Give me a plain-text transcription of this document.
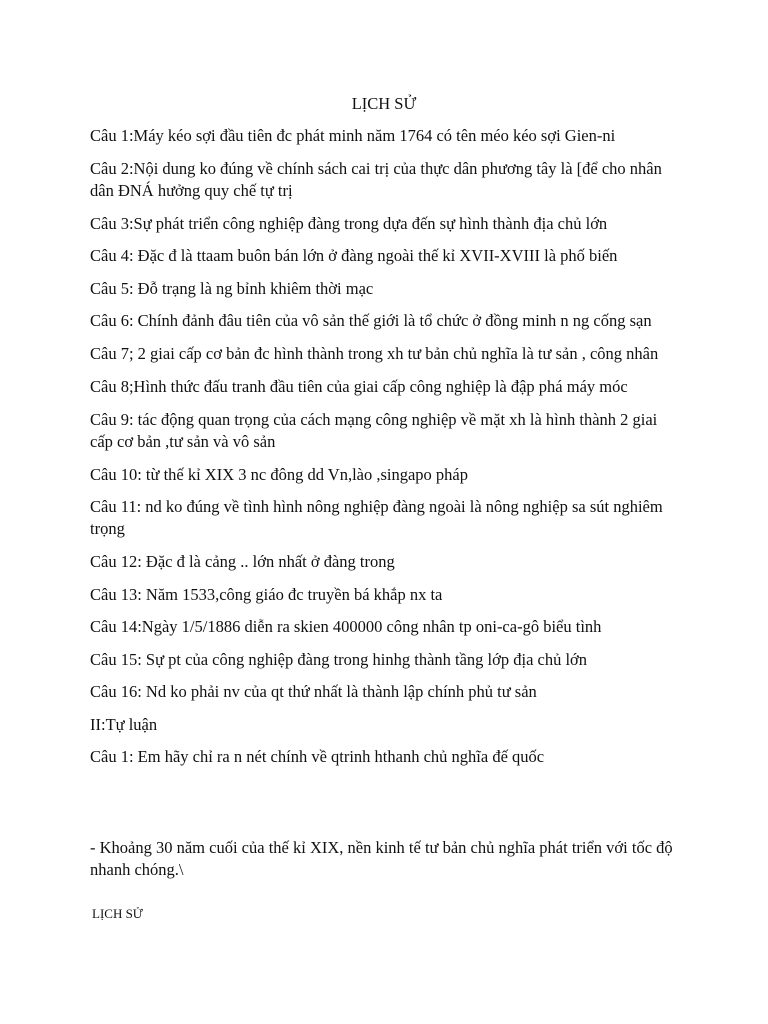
LỊCH SỬ
Câu 1:Máy kéo sợi đầu tiên đc phát minh năm 1764 có tên méo kéo sợi Gien-ni
Câu 2:Nội dung ko đúng về chính sách cai trị của thực dân phương tây là [để cho nhân dân ĐNÁ hưởng quy chế tự trị
Câu 3:Sự phát triển công nghiệp đàng trong dựa đến sự hình thành địa chủ lớn
Câu 4: Đặc đ là ttaam buôn bán lớn ở đàng ngoài thế kỉ XVII-XVIII là phố biến
Câu 5: Đỗ trạng là ng bỉnh khiêm thời mạc
Câu 6: Chính đảnh đâu tiên của vô sản thế giới là tổ chức ở đồng minh n ng cống sạn
Câu 7; 2 giai cấp cơ bản đc hình thành trong xh tư bản chủ nghĩa là tư sản , công nhân
Câu 8;Hình thức đấu tranh đầu tiên của giai cấp công nghiệp là đập phá máy móc
Câu 9: tác động quan trọng của cách mạng công nghiệp về mặt xh là hình thành 2 giai cấp cơ bản ,tư sản và vô sản
Câu 10: từ thế kỉ XIX 3 nc đông dd Vn,lào ,singapo pháp
Câu 11: nd ko đúng về tình hình nông nghiệp đàng ngoài là nông nghiệp sa sút nghiêm trọng
Câu 12: Đặc đ là cảng .. lớn nhất ở đàng trong
Câu 13: Năm 1533,công giáo đc truyền bá khắp nx ta
Câu 14:Ngày 1/5/1886 diễn ra skien 400000 công nhân tp oni-ca-gô biểu tình
Câu 15: Sự pt của công nghiệp đàng trong hinhg thành tầng lớp địa chủ lớn
Câu 16: Nd ko phải nv của qt thứ nhất là thành lập chính phủ tư sản
II:Tự luận
Câu 1: Em hãy chỉ ra n nét chính về qtrinh hthanh chủ nghĩa đế quốc
- Khoảng 30 năm cuối của thế kỉ XIX, nền kinh tế tư bản chủ nghĩa phát triển với tốc độ nhanh chóng.\
LỊCH SỬ
